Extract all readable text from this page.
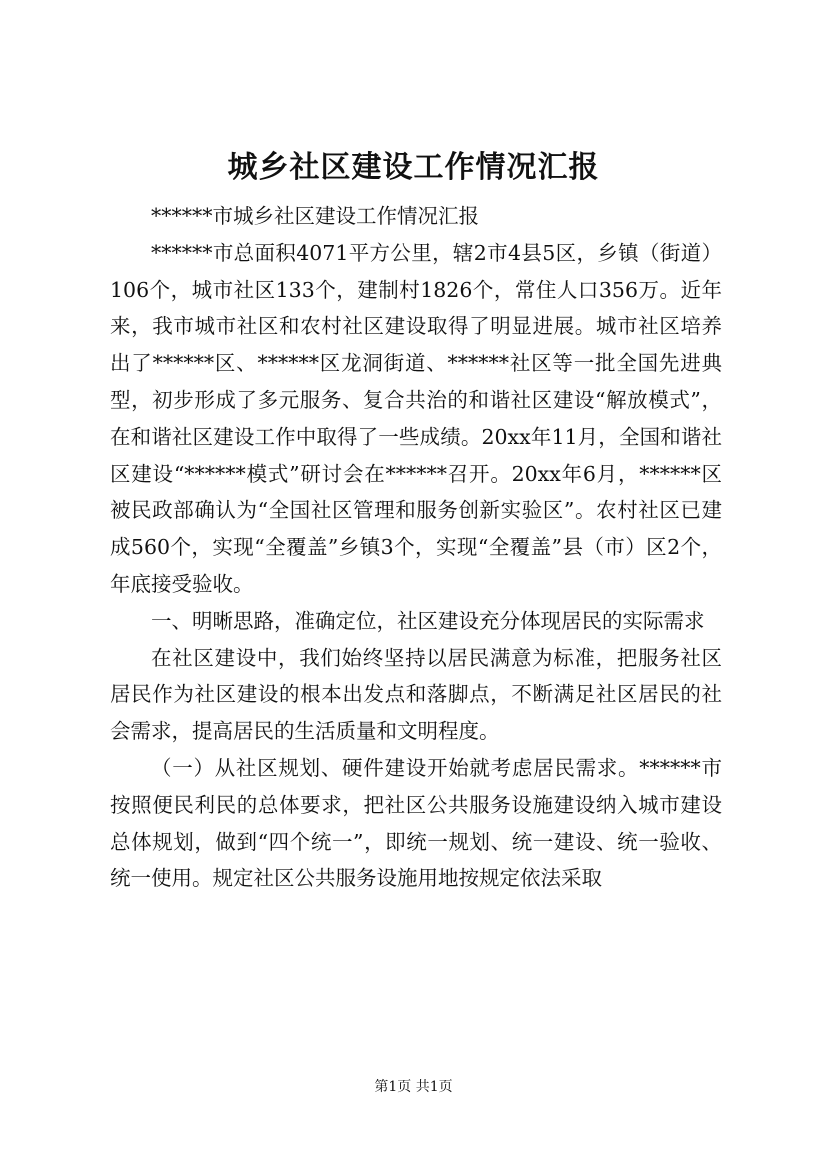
城乡社区建设工作情况汇报

******市城乡社区建设工作情况汇报

******市总面积4071平方公里，辖2市4县5区，乡镇（街道）106个，城市社区133个，建制村1826个，常住人口356万。近年来，我市城市社区和农村社区建设取得了明显进展。城市社区培养出了******区、******区龙洞街道、******社区等一批全国先进典型，初步形成了多元服务、复合共治的和谐社区建设“解放模式”，在和谐社区建设工作中取得了一些成绩。20xx年11月，全国和谐社区建设“******模式”研讨会在******召开。20xx年6月，******区被民政部确认为“全国社区管理和服务创新实验区”。农村社区已建成560个，实现“全覆盖”乡镇3个，实现“全覆盖”县（市）区2个，年底接受验收。

一、明晰思路，准确定位，社区建设充分体现居民的实际需求

在社区建设中，我们始终坚持以居民满意为标准，把服务社区居民作为社区建设的根本出发点和落脚点，不断满足社区居民的社会需求，提高居民的生活质量和文明程度。

（一）从社区规划、硬件建设开始就考虑居民需求。******市按照便民利民的总体要求，把社区公共服务设施建设纳入城市建设总体规划，做到“四个统一”，即统一规划、统一建设、统一验收、统一使用。规定社区公共服务设施用地按规定依法采取

第1页 共1页
